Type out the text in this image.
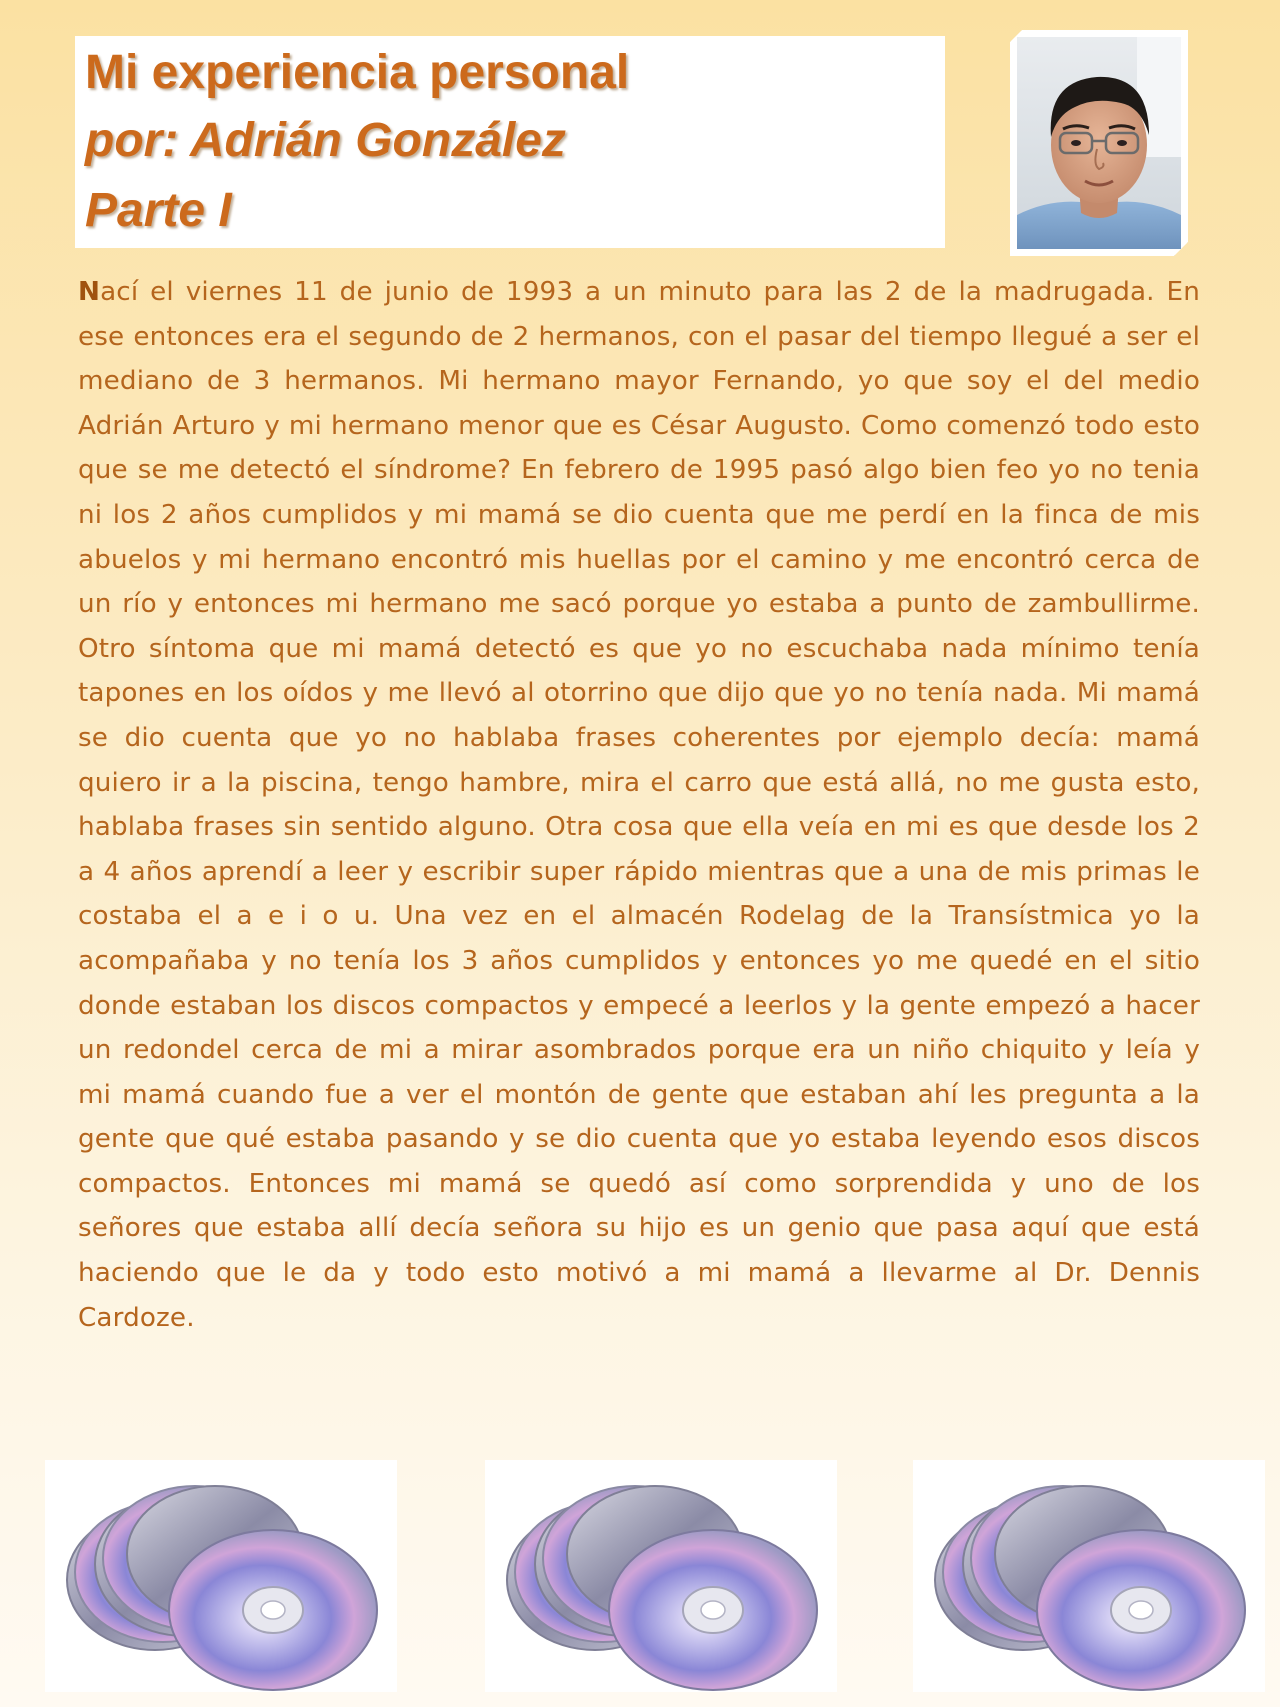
Mi experiencia personal
por: Adrián González
Parte I

Nací el viernes 11 de junio de 1993 a un minuto para las 2 de la madrugada. En ese entonces era el segundo de 2 hermanos, con el pasar del tiempo llegué a ser el mediano de 3 hermanos. Mi hermano mayor Fernando, yo que soy el del medio Adrián Arturo y mi hermano menor que es César Augusto. Como comenzó todo esto que se me detectó el síndrome? En febrero de 1995 pasó algo bien feo yo no tenia ni los 2 años cumplidos y mi mamá se dio cuenta que me perdí en la finca de mis abuelos y mi hermano encontró mis huellas por el camino y me encontró cerca de un río y entonces mi hermano me sacó porque yo estaba a punto de zambullirme. Otro síntoma que mi mamá detectó es que yo no escuchaba nada mínimo tenía tapones en los oídos y me llevó al otorrino que dijo que yo no tenía nada. Mi mamá se dio cuenta que yo no hablaba frases coherentes por ejemplo decía: mamá quiero ir a la piscina, tengo hambre, mira el carro que está allá, no me gusta esto, hablaba frases sin sentido alguno. Otra cosa que ella veía en mi es que desde los 2 a 4 años aprendí a leer y escribir super rápido mientras que a una de mis primas le costaba el a e i o u. Una vez en el almacén Rodelag de la Transístmica yo la acompañaba y no tenía los 3 años cumplidos y entonces yo me quedé en el sitio donde estaban los discos compactos y empecé a leerlos y la gente empezó a hacer un redondel cerca de mi a mirar asombrados porque era un niño chiquito y leía y mi mamá cuando fue a ver el montón de gente que estaban ahí les pregunta a la gente que qué estaba pasando y se dio cuenta que yo estaba leyendo esos discos compactos. Entonces mi mamá se quedó así como sorprendida y uno de los señores que estaba allí decía señora su hijo es un genio que pasa aquí que está haciendo que le da y todo esto motivó a mi mamá a llevarme al Dr. Dennis Cardoze.
